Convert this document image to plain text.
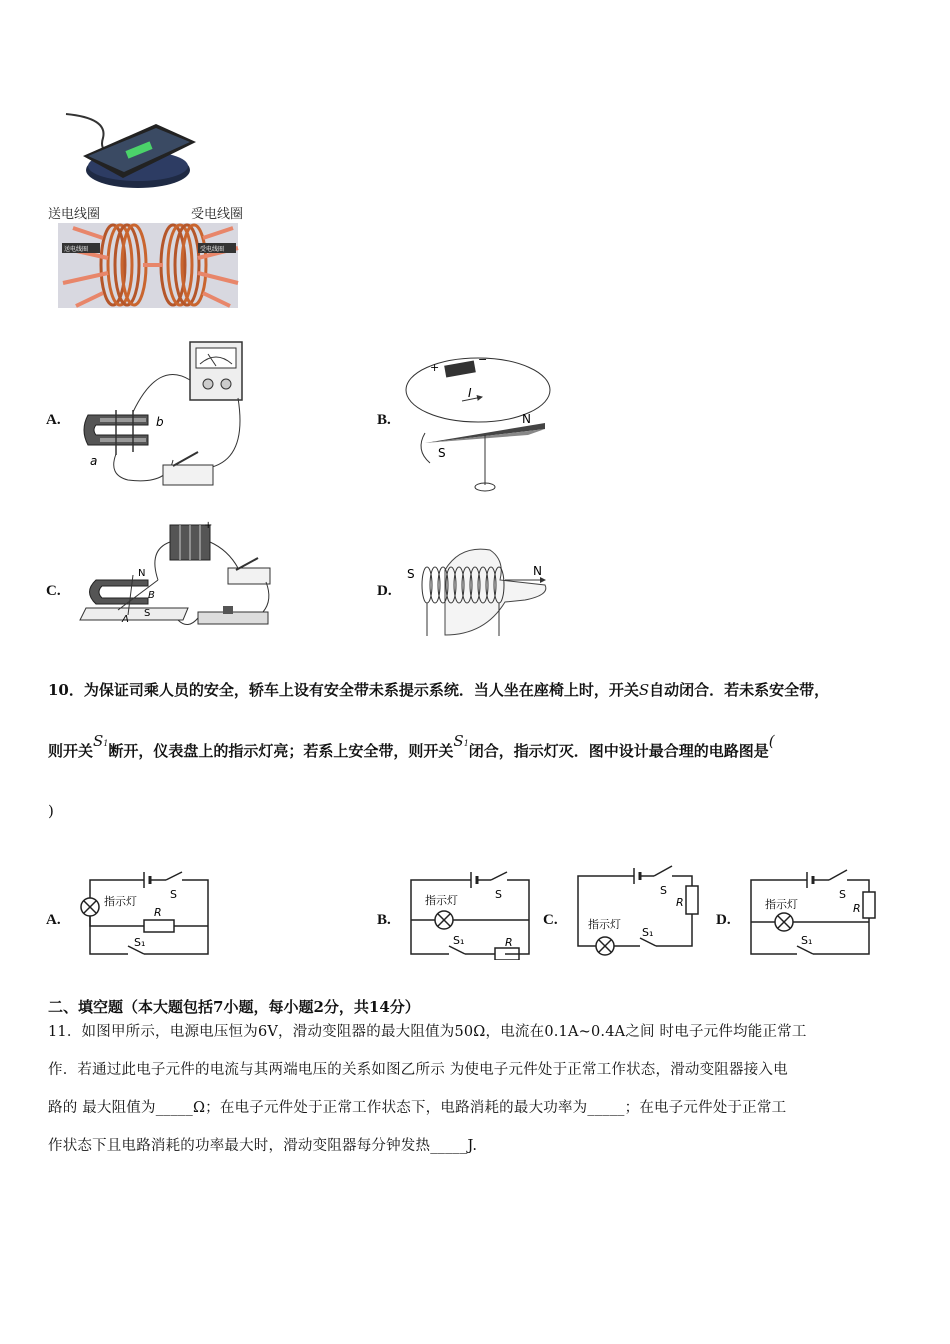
送电线圈	受电线圈
送电线圈	受电线圈
A.
a
b	B.
+
−
I
N
S
C.
+
N
S
B
A
D.
S	N
10．为保证司乘人员的安全，轿车上设有安全带未系提示系统．当人坐在座椅上时，开关S自动闭合．若未系安全带，
则开关S1断开，仪表盘上的指示灯亮；若系上安全带，则开关S1闭合，指示灯灭．图中设计最合理的电路图是(
)
A.
指示灯
S
R
S₁
B.
指示灯	S
R
S₁
C.	指示灯
S
R
S₁
D.
指示灯
S
R
S₁
二、填空题（本大题包括7小题，每小题2分，共14分）
11．如图甲所示，电源电压恒为6V，滑动变阻器的最大阻值为50Ω，电流在0.1A~0.4A之间 时电子元件均能正常工
作．若通过此电子元件的电流与其两端电压的关系如图乙所示 为使电子元件处于正常工作状态，滑动变阻器接入电
路的 最大阻值为_____Ω；在电子元件处于正常工作状态下，电路消耗的最大功率为_____；在电子元件处于正常工
作状态下且电路消耗的功率最大时，滑动变阻器每分钟发热_____J.
